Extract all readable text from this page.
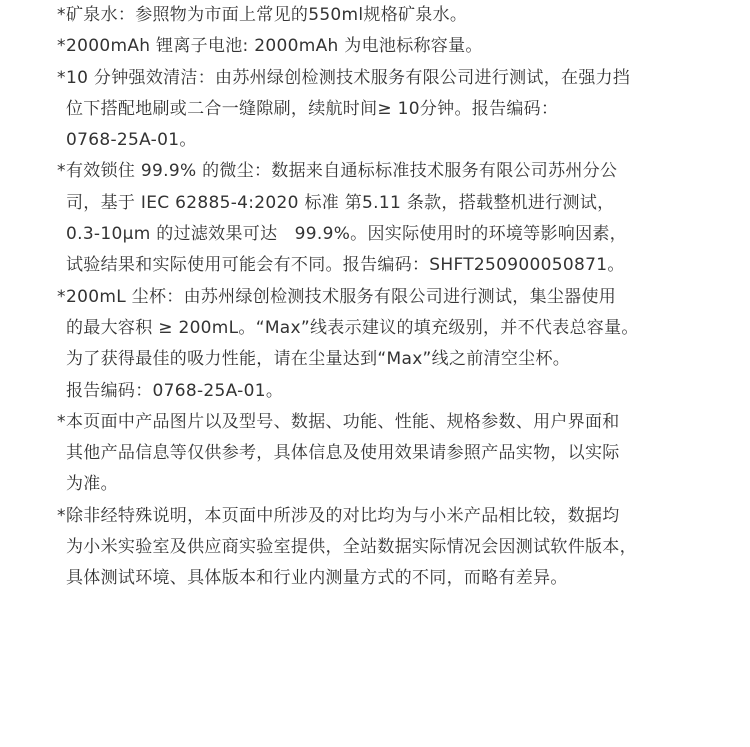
* 矿泉水：参照物为市面上常见的550ml规格矿泉水。
* 2000mAh 锂离子电池: 2000mAh 为电池标称容量。
* 10 分钟强效清洁：由苏州绿创检测技术服务有限公司进行测试，在强力挡
位下搭配地刷或二合一缝隙刷，续航时间≥ 10分钟。报告编码：
0768-25A-01。
* 有效锁住 99.9% 的微尘：数据来自通标标准技术服务有限公司苏州分公
司，基于 IEC 62885-4:2020 标准 第5.11 条款，搭载整机进行测试，
0.3-10μm 的过滤效果可达　99.9%。因实际使用时的环境等影响因素，
试验结果和实际使用可能会有不同。报告编码：SHFT250900050871。
* 200mL 尘杯：由苏州绿创检测技术服务有限公司进行测试，集尘器使用
的最大容积 ≥ 200mL。“Max”线表示建议的填充级别，并不代表总容量。
为了获得最佳的吸力性能，请在尘量达到“Max”线之前清空尘杯。
报告编码：0768-25A-01。
* 本页面中产品图片以及型号、数据、功能、性能、规格参数、用户界面和
其他产品信息等仅供参考，具体信息及使用效果请参照产品实物，以实际
为准。
* 除非经特殊说明，本页面中所涉及的对比均为与小米产品相比较，数据均
为小米实验室及供应商实验室提供，全站数据实际情况会因测试软件版本，
具体测试环境、具体版本和行业内测量方式的不同，而略有差异。
